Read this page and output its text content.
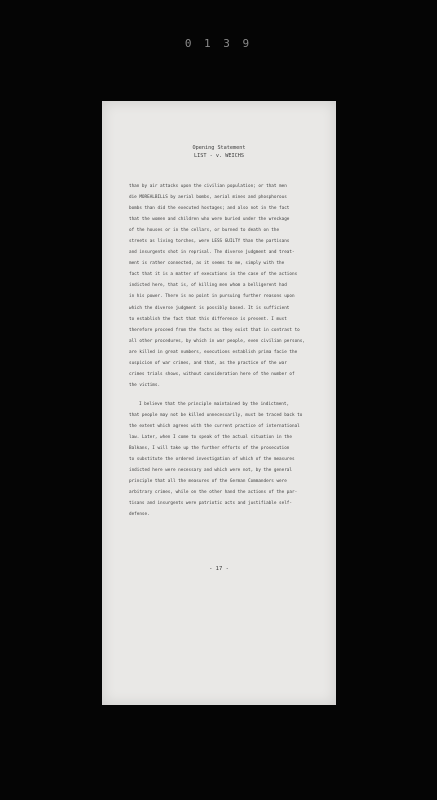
0 1 3 9
Opening Statement
LIST - v. WEICHS
than by air attacks upon the civilian population; or that men
die MOREALBILLS by aerial bombs, aerial mines and phosphorous
bombs than did the executed hostages; and also not in the fact
that the women and children who were buried under the wreckage
of the houses or in the cellars, or burned to death on the
streets as living torches, were LESS GUILTY than the partisans
and insurgents shot in reprisal. The diverse judgment and treat-
ment is rather connected, as it seems to me, simply with the
fact that it is a matter of executions in the case of the actions
indicted here, that is, of killing men whom a belligerent had
in his power. There is no point in pursuing further reasons upon
which the diverse judgment is possibly based. It is sufficient
to establish the fact that this difference is present. I must
therefore proceed from the facts as they exist that in contrast to
all other procedures, by which in war people, even civilian persons,
are killed in great numbers, executions establish prima facie the
suspicion of war crimes, and that, as the practice of the war
crimes trials shows, without consideration here of the number of
the victims.
I believe that the principle maintained by the indictment,
that people may not be killed unnecessarily, must be traced back to
the extent which agrees with the current practice of international
law. Later, when I come to speak of the actual situation in the
Balkans, I will take up the further efforts of the prosecution
to substitute the ordered investigation of which of the measures
indicted here were necessary and which were not, by the general
principle that all the measures of the German Commanders were
arbitrary crimes, while on the other hand the actions of the par-
tisans and insurgents were patriotic acts and justifiable self-
defense.
- 17 -
